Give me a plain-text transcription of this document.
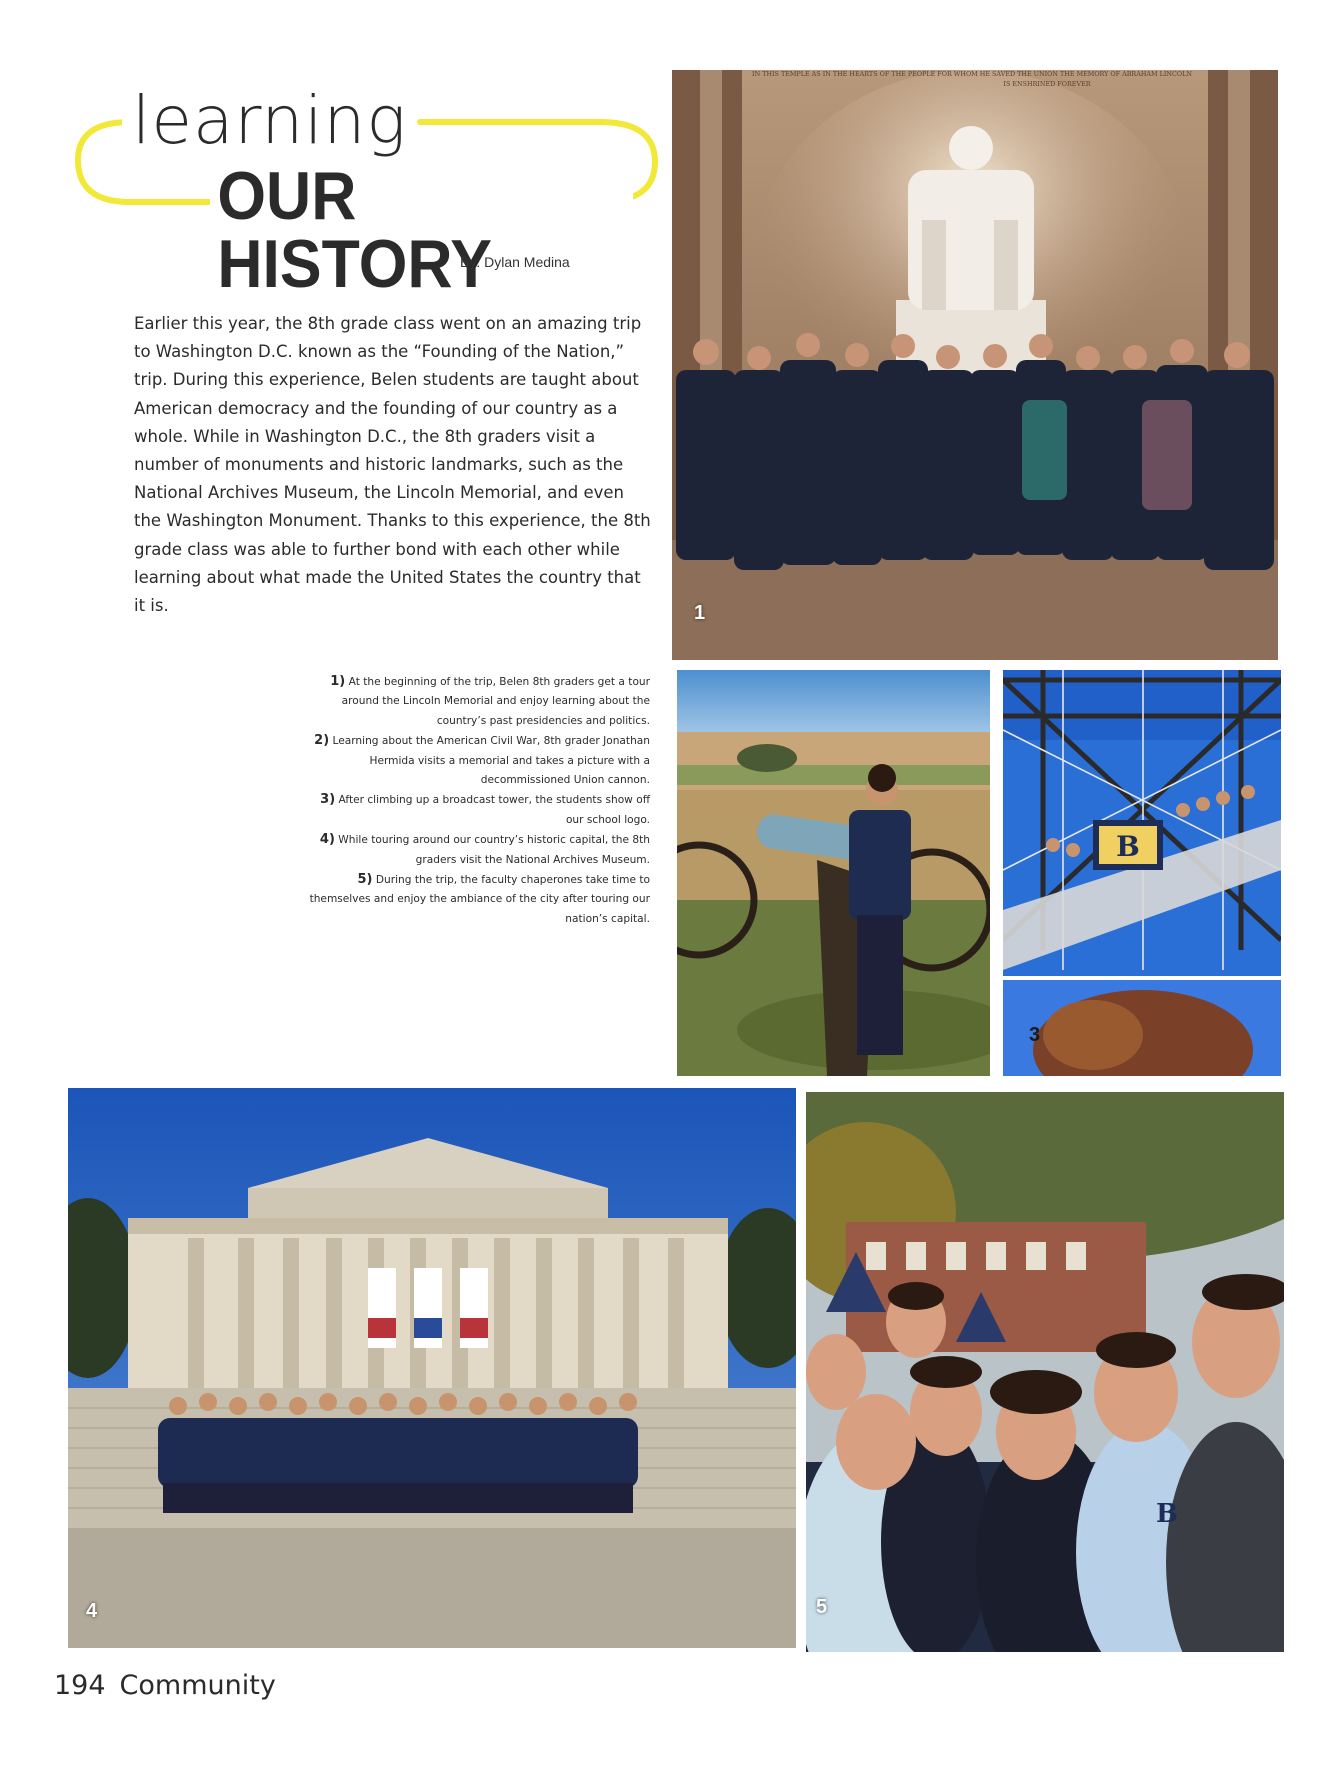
learning
OUR HISTORY
By: Dylan Medina
Earlier this year, the 8th grade class went on an amazing trip to Washington D.C. known as the “Founding of the Nation,” trip. During this experience, Belen students are taught about American democracy and the founding of our country as a whole. While in Washington D.C., the 8th graders visit a number of monuments and historic landmarks, such as the National Archives Museum, the Lincoln Memorial, and even the Washington Monument. Thanks to this experience, the 8th grade class was able to further bond with each other while learning about what made the United States the country that it is.
1) At the beginning of the trip, Belen 8th graders get a tour around the Lincoln Memorial and enjoy learning about the country’s past presidencies and politics.
2) Learning about the American Civil War, 8th grader Jonathan Hermida visits a memorial and takes a picture with a decommissioned Union cannon.
3) After climbing up a broadcast tower, the students show off our school logo.
4) While touring around our country’s historic capital, the 8th graders visit the National Archives Museum.
5) During the trip, the faculty chaperones take time to themselves and enjoy the ambiance of the city after touring our nation’s capital.
IN THIS TEMPLE AS IN THE HEARTS OF THE PEOPLE FOR WHOM HE SAVED THE UNION THE MEMORY OF ABRAHAM LINCOLN
IS ENSHRINED FOREVER
1
B
3
4
B
5
194 Community
